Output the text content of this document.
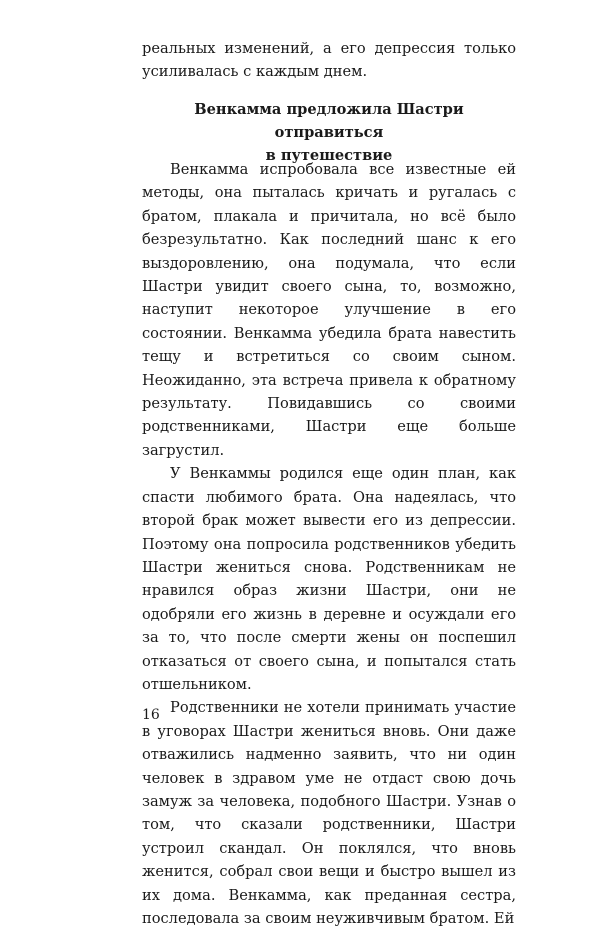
реальных изменений, а его депрессия только усиливалась с каждым днем.

Венкамма предложила Шастри отправиться
в путешествие

Венкамма испробовала все известные ей методы, она пыталась кричать и ругалась с братом, плакала и причитала, но всё было безрезультатно. Как последний шанс к его выздоровлению, она подумала, что если Шастри увидит своего сына, то, возможно, наступит некоторое улучшение в его состоянии. Венкамма убедила брата навестить тещу и встретиться со своим сыном. Неожиданно, эта встреча привела к обратному результату. Повидавшись со своими родственниками, Шастри еще больше загрустил.

У Венкаммы родился еще один план, как спасти любимого брата. Она надеялась, что второй брак может вывести его из депрессии. Поэтому она попросила родственников убедить Шастри жениться снова. Родственникам не нравился образ жизни Шастри, они не одобряли его жизнь в деревне и осуждали его за то, что после смерти жены он поспешил отказаться от своего сына, и попытался стать отшельником.

Родственники не хотели принимать участие в уговорах Шастри жениться вновь. Они даже отважились надменно заявить, что ни один человек в здравом уме не отдаст свою дочь замуж за человека, подобного Шастри. Узнав о том, что сказали родственники, Шастри устроил скандал. Он поклялся, что вновь женится, собрал свои вещи и быстро вышел из их дома. Венкамма, как преданная сестра, последовала за своим неуживчивым братом. Ей

16
